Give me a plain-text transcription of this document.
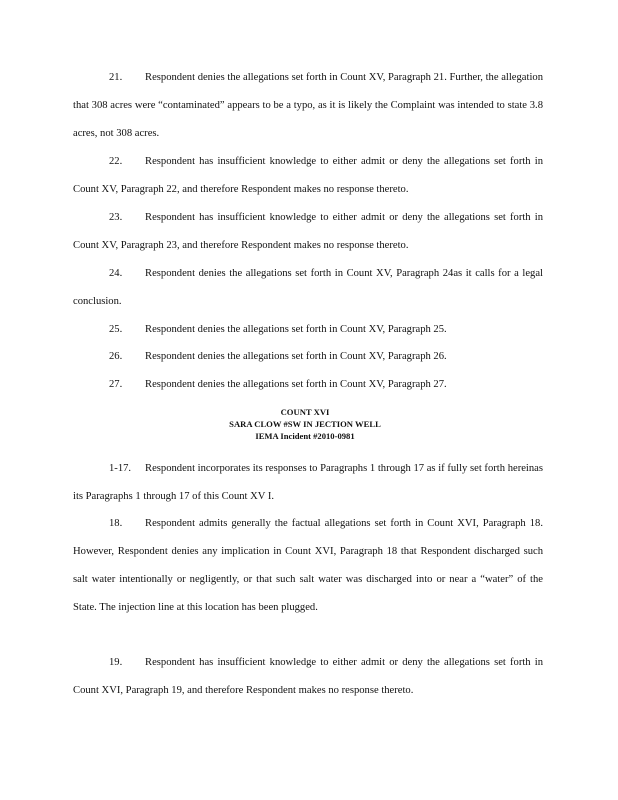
21. Respondent denies the allegations set forth in Count XV, Paragraph 21. Further, the allegation that 308 acres were “contaminated” appears to be a typo, as it is likely the Complaint was intended to state 3.8 acres, not 308 acres.

22. Respondent has insufficient knowledge to either admit or deny the allegations set forth in Count XV, Paragraph 22, and therefore Respondent makes no response thereto.

23. Respondent has insufficient knowledge to either admit or deny the allegations set forth in Count XV, Paragraph 23, and therefore Respondent makes no response thereto.

24. Respondent denies the allegations set forth in Count XV, Paragraph 24as it calls for a legal conclusion.

25. Respondent denies the allegations set forth in Count XV, Paragraph 25.

26. Respondent denies the allegations set forth in Count XV, Paragraph 26.

27. Respondent denies the allegations set forth in Count XV, Paragraph 27.

COUNT XVI
SARA CLOW #SW IN JECTION WELL
IEMA Incident #2010-0981

1-17. Respondent incorporates its responses to Paragraphs 1 through 17 as if fully set forth hereinas its Paragraphs 1 through 17 of this Count XV I.

18. Respondent admits generally the factual allegations set forth in Count XVI, Paragraph 18. However, Respondent denies any implication in Count XVI, Paragraph 18 that Respondent discharged such salt water intentionally or negligently, or that such salt water was discharged into or near a “water” of the State. The injection line at this location has been plugged.

19. Respondent has insufficient knowledge to either admit or deny the allegations set forth in Count XVI, Paragraph 19, and therefore Respondent makes no response thereto.
